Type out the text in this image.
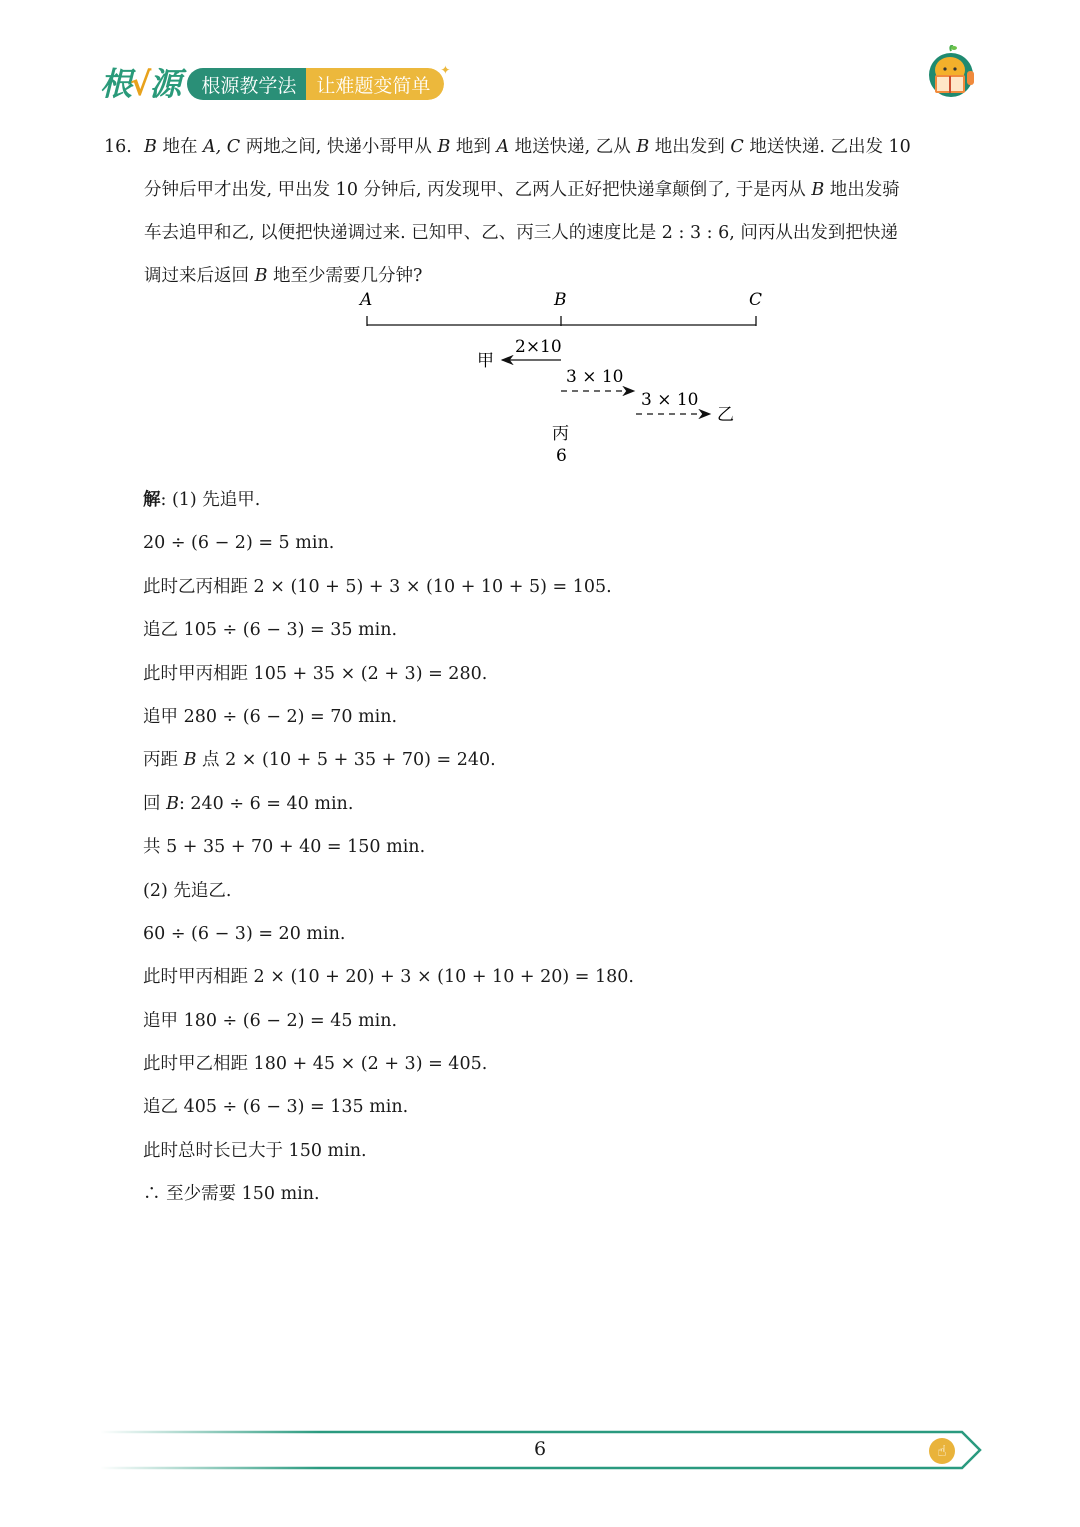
根√源	根源教学法	让难题变简单
✦
16. B 地在 A, C 两地之间, 快递小哥甲从 B 地到 A 地送快递, 乙从 B 地出发到 C 地送快递. 乙出发 10
分钟后甲才出发, 甲出发 10 分钟后, 丙发现甲、乙两人正好把快递拿颠倒了, 于是丙从 B 地出发骑
车去追甲和乙, 以便把快递调过来. 已知甲、乙、丙三人的速度比是 2 : 3 : 6, 问丙从出发到把快递
调过来后返回 B 地至少需要几分钟?
A	B	C
2×10
甲
3 × 10
3 × 10
乙
丙
6
解: (1) 先追甲.
20 ÷ (6 − 2) = 5 min.
此时乙丙相距 2 × (10 + 5) + 3 × (10 + 10 + 5) = 105.
追乙 105 ÷ (6 − 3) = 35 min.
此时甲丙相距 105 + 35 × (2 + 3) = 280.
追甲 280 ÷ (6 − 2) = 70 min.
丙距 B 点 2 × (10 + 5 + 35 + 70) = 240.
回 B: 240 ÷ 6 = 40 min.
共 5 + 35 + 70 + 40 = 150 min.
(2) 先追乙.
60 ÷ (6 − 3) = 20 min.
此时甲丙相距 2 × (10 + 20) + 3 × (10 + 10 + 20) = 180.
追甲 180 ÷ (6 − 2) = 45 min.
此时甲乙相距 180 + 45 × (2 + 3) = 405.
追乙 405 ÷ (6 − 3) = 135 min.
此时总时长已大于 150 min.
∴ 至少需要 150 min.
6	☝
